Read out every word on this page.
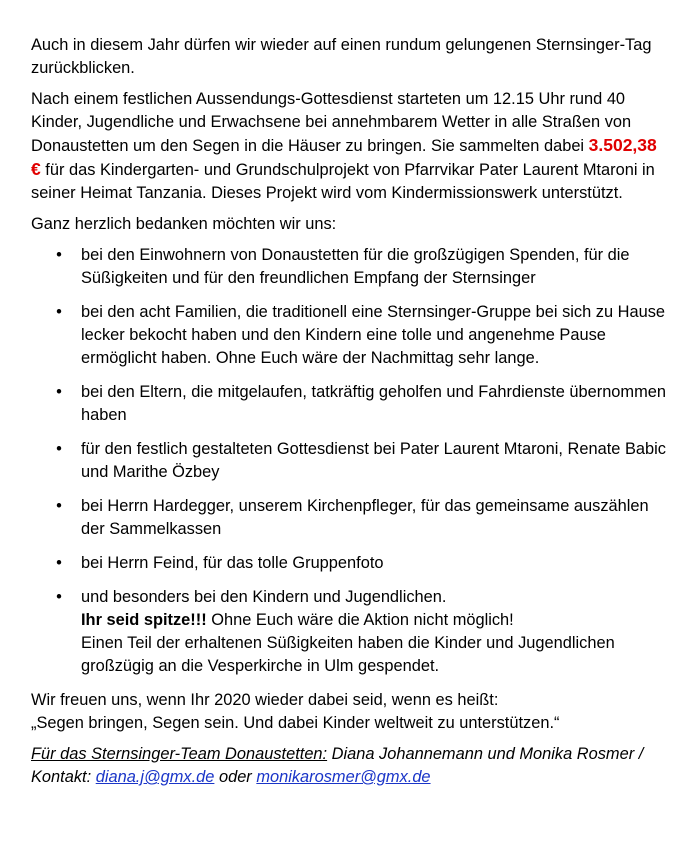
Auch in diesem Jahr dürfen wir wieder auf einen rundum gelungenen Sternsinger-Tag zurückblicken.

Nach einem festlichen Aussendungs-Gottesdienst starteten um 12.15 Uhr rund 40 Kinder, Jugendliche und Erwachsene bei annehmbarem Wetter in alle Straßen von Donaustetten um den Segen in die Häuser zu bringen. Sie sammelten dabei 3.502,38 € für das Kindergarten- und Grundschulprojekt von Pfarrvikar Pater Laurent Mtaroni in seiner Heimat Tanzania. Dieses Projekt wird vom Kindermissionswerk unterstützt.

Ganz herzlich bedanken möchten wir uns:

• bei den Einwohnern von Donaustetten für die großzügigen Spenden, für die Süßigkeiten und für den freundlichen Empfang der Sternsinger
• bei den acht Familien, die traditionell eine Sternsinger-Gruppe bei sich zu Hause lecker bekocht haben und den Kindern eine tolle und angenehme Pause ermöglicht haben. Ohne Euch wäre der Nachmittag sehr lange.
• bei den Eltern, die mitgelaufen, tatkräftig geholfen und Fahrdienste übernommen haben
• für den festlich gestalteten Gottesdienst bei Pater Laurent Mtaroni, Renate Babic und Marithe Özbey
• bei Herrn Hardegger, unserem Kirchenpfleger, für das gemeinsame auszählen der Sammelkassen
• bei Herrn Feind, für das tolle Gruppenfoto
• und besonders bei den Kindern und Jugendlichen.
Ihr seid spitze!!! Ohne Euch wäre die Aktion nicht möglich!
Einen Teil der erhaltenen Süßigkeiten haben die Kinder und Jugendlichen großzügig an die Vesperkirche in Ulm gespendet.

Wir freuen uns, wenn Ihr 2020 wieder dabei seid, wenn es heißt:
„Segen bringen, Segen sein. Und dabei Kinder weltweit zu unterstützen.“

Für das Sternsinger-Team Donaustetten: Diana Johannemann und Monika Rosmer / Kontakt: diana.j@gmx.de oder monikarosmer@gmx.de
